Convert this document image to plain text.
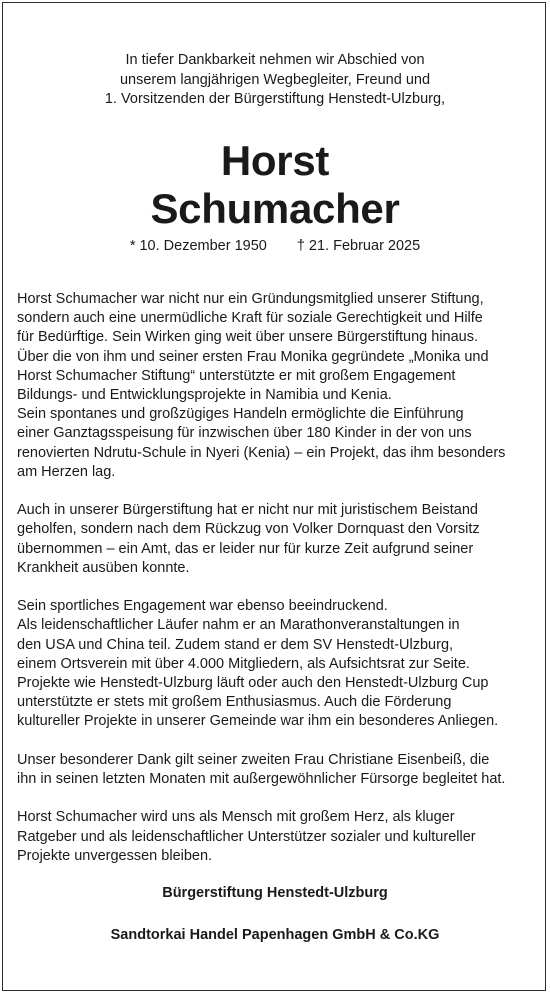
In tiefer Dankbarkeit nehmen wir Abschied von
unserem langjährigen Wegbegleiter, Freund und
1. Vorsitzenden der Bürgerstiftung Henstedt-Ulzburg,
Horst
Schumacher
* 10. Dezember 1950 † 21. Februar 2025
Horst Schumacher war nicht nur ein Gründungsmitglied unserer Stiftung,
sondern auch eine unermüdliche Kraft für soziale Gerechtigkeit und Hilfe
für Bedürftige. Sein Wirken ging weit über unsere Bürgerstiftung hinaus.
Über die von ihm und seiner ersten Frau Monika gegründete „Monika und
Horst Schumacher Stiftung“ unterstützte er mit großem Engagement
Bildungs- und Entwicklungsprojekte in Namibia und Kenia.
Sein spontanes und großzügiges Handeln ermöglichte die Einführung
einer Ganztagsspeisung für inzwischen über 180 Kinder in der von uns
renovierten Ndrutu-Schule in Nyeri (Kenia) – ein Projekt, das ihm besonders
am Herzen lag.
Auch in unserer Bürgerstiftung hat er nicht nur mit juristischem Beistand
geholfen, sondern nach dem Rückzug von Volker Dornquast den Vorsitz
übernommen – ein Amt, das er leider nur für kurze Zeit aufgrund seiner
Krankheit ausüben konnte.
Sein sportliches Engagement war ebenso beeindruckend.
Als leidenschaftlicher Läufer nahm er an Marathonveranstaltungen in
den USA und China teil. Zudem stand er dem SV Henstedt-Ulzburg,
einem Ortsverein mit über 4.000 Mitgliedern, als Aufsichtsrat zur Seite.
Projekte wie Henstedt-Ulzburg läuft oder auch den Henstedt-Ulzburg Cup
unterstützte er stets mit großem Enthusiasmus. Auch die Förderung
kultureller Projekte in unserer Gemeinde war ihm ein besonderes Anliegen.
Unser besonderer Dank gilt seiner zweiten Frau Christiane Eisenbeiß, die
ihn in seinen letzten Monaten mit außergewöhnlicher Fürsorge begleitet hat.
Horst Schumacher wird uns als Mensch mit großem Herz, als kluger
Ratgeber und als leidenschaftlicher Unterstützer sozialer und kultureller
Projekte unvergessen bleiben.
Bürgerstiftung Henstedt-Ulzburg
Sandtorkai Handel Papenhagen GmbH & Co.KG
